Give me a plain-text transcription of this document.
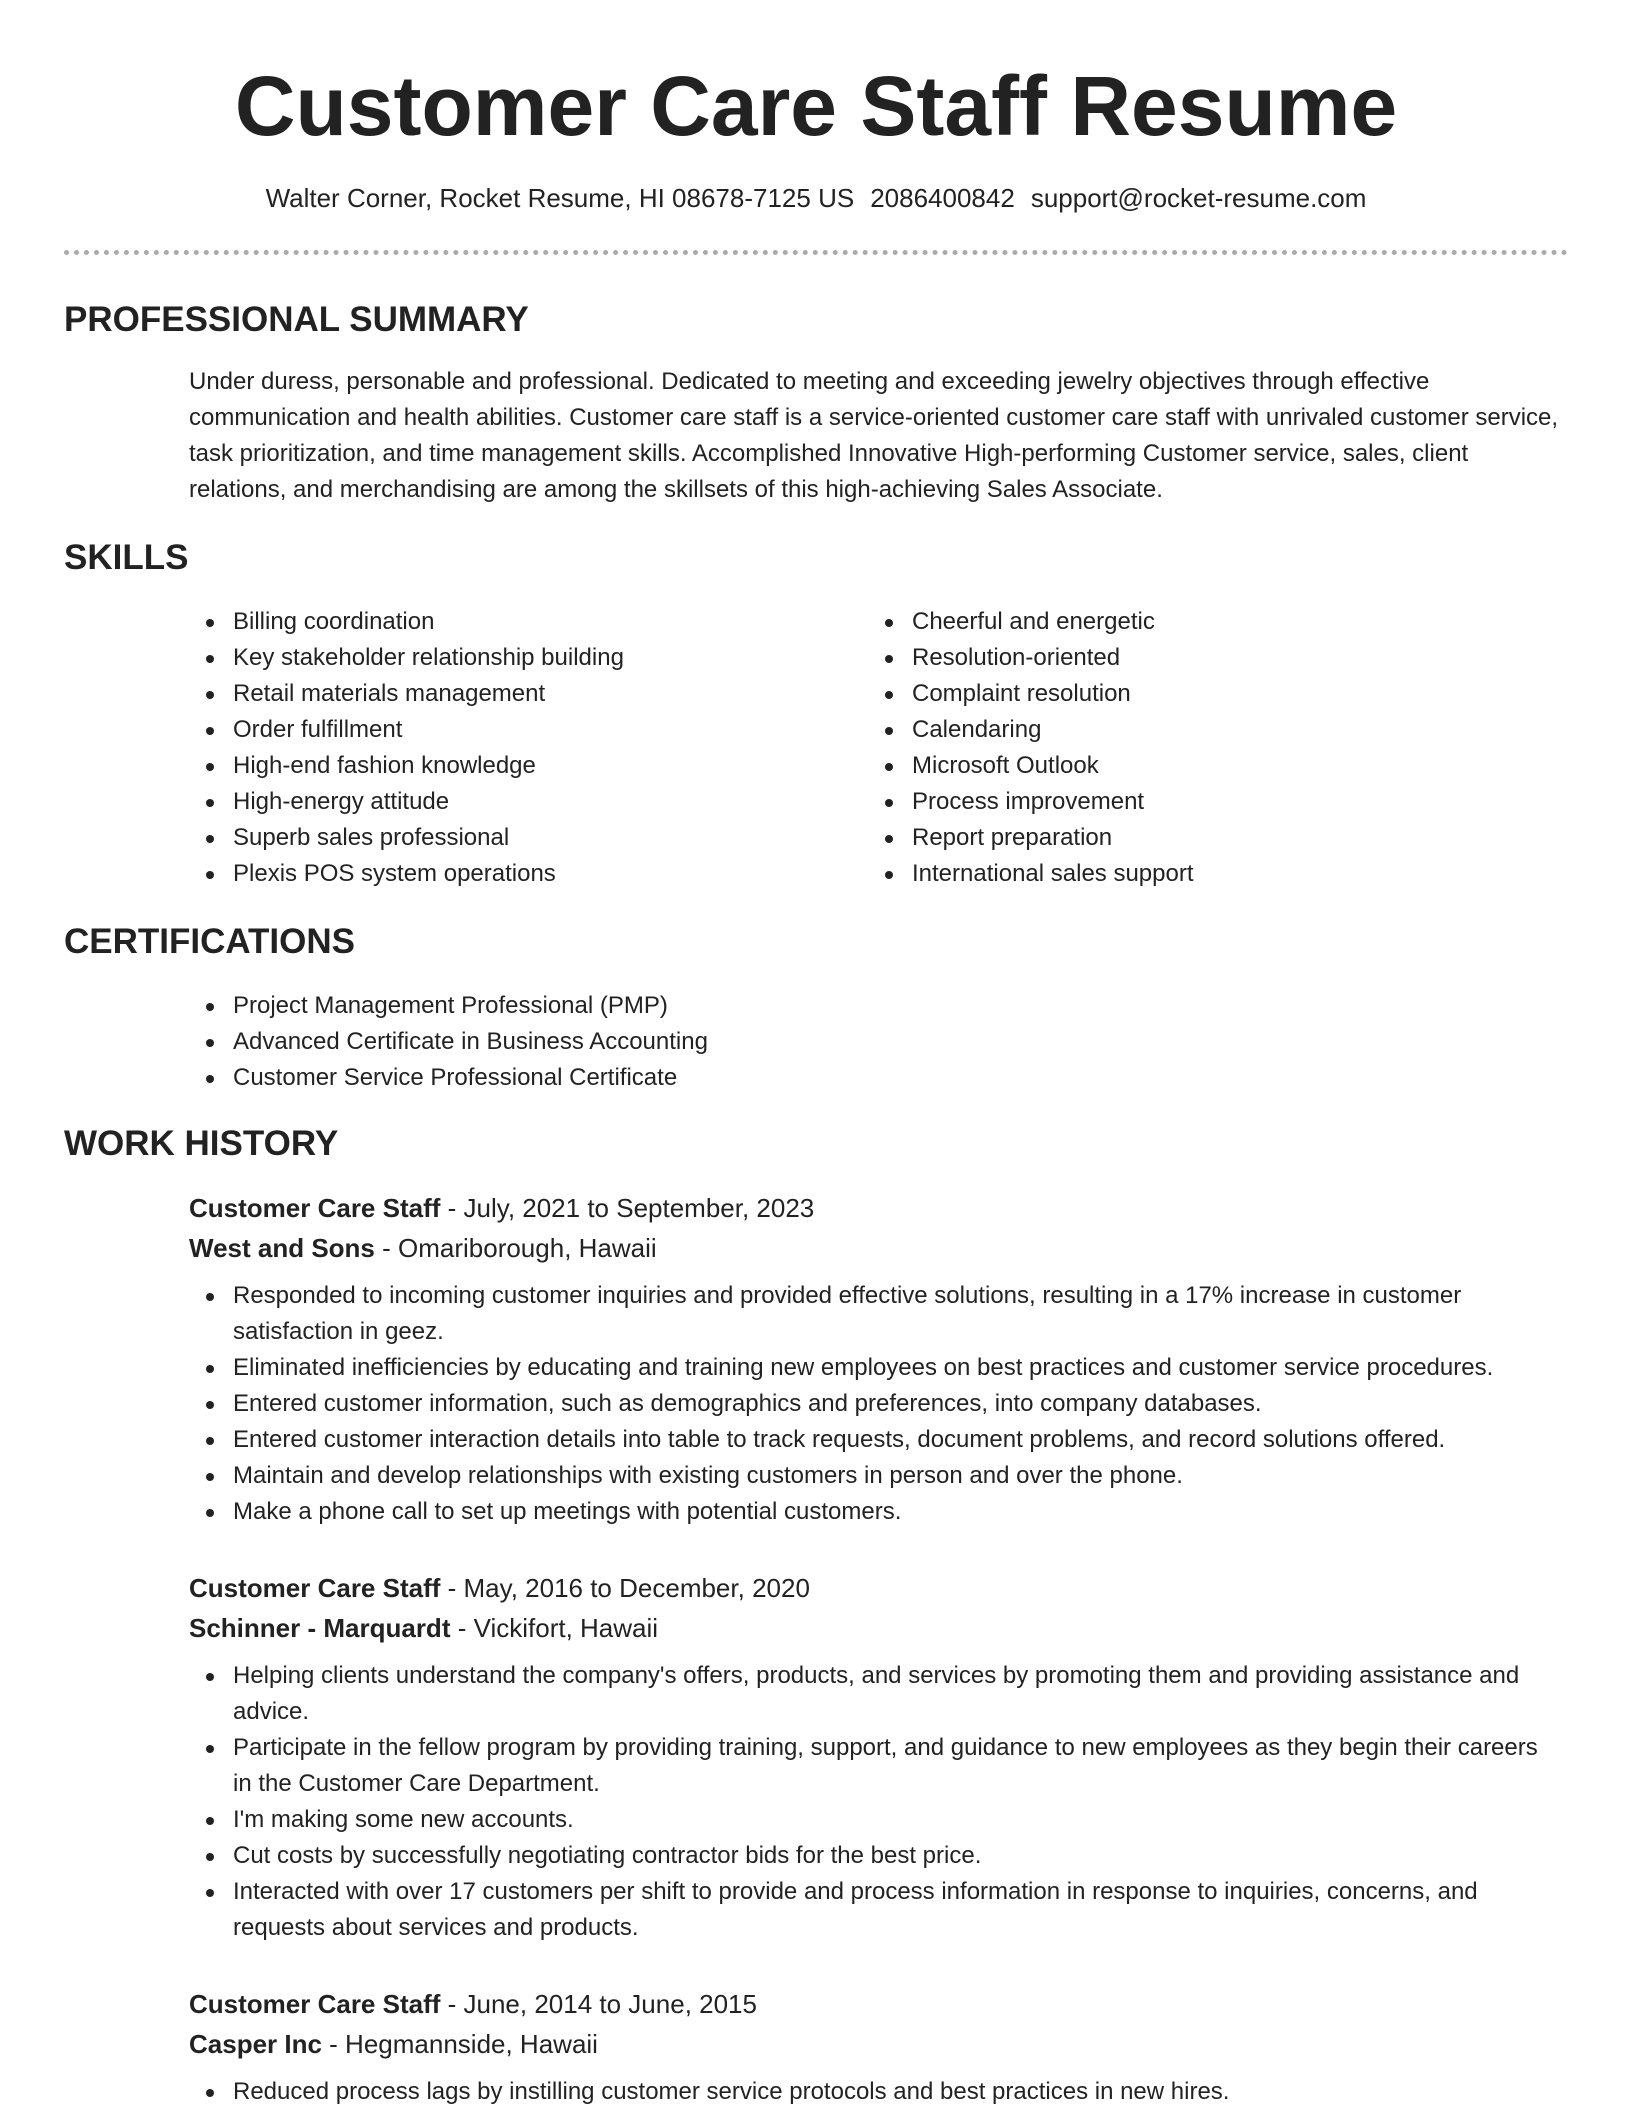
Customer Care Staff Resume
Walter Corner, Rocket Resume, HI 08678-7125 US 2086400842 support@rocket-resume.com
PROFESSIONAL SUMMARY

Under duress, personable and professional. Dedicated to meeting and exceeding jewelry objectives through effective communication and health abilities. Customer care staff is a service-oriented customer care staff with unrivaled customer service, task prioritization, and time management skills. Accomplished Innovative High-performing Customer service, sales, client relations, and merchandising are among the skillsets of this high-achieving Sales Associate.

SKILLS
Billing coordination
Key stakeholder relationship building
Retail materials management
Order fulfillment
High-end fashion knowledge
High-energy attitude
Superb sales professional
Plexis POS system operations
Cheerful and energetic
Resolution-oriented
Complaint resolution
Calendaring
Microsoft Outlook
Process improvement
Report preparation
International sales support
CERTIFICATIONS
Project Management Professional (PMP)
Advanced Certificate in Business Accounting
Customer Service Professional Certificate
WORK HISTORY

Customer Care Staff - July, 2021 to September, 2023

West and Sons - Omariborough, Hawaii

Responded to incoming customer inquiries and provided effective solutions, resulting in a 17% increase in customer satisfaction in geez.
Eliminated inefficiencies by educating and training new employees on best practices and customer service procedures.
Entered customer information, such as demographics and preferences, into company databases.
Entered customer interaction details into table to track requests, document problems, and record solutions offered.
Maintain and develop relationships with existing customers in person and over the phone.
Make a phone call to set up meetings with potential customers.

Customer Care Staff - May, 2016 to December, 2020

Schinner - Marquardt - Vickifort, Hawaii

Helping clients understand the company's offers, products, and services by promoting them and providing assistance and advice.
Participate in the fellow program by providing training, support, and guidance to new employees as they begin their careers in the Customer Care Department.
I'm making some new accounts.
Cut costs by successfully negotiating contractor bids for the best price.
Interacted with over 17 customers per shift to provide and process information in response to inquiries, concerns, and requests about services and products.

Customer Care Staff - June, 2014 to June, 2015

Casper Inc - Hegmannside, Hawaii

Reduced process lags by instilling customer service protocols and best practices in new hires.
